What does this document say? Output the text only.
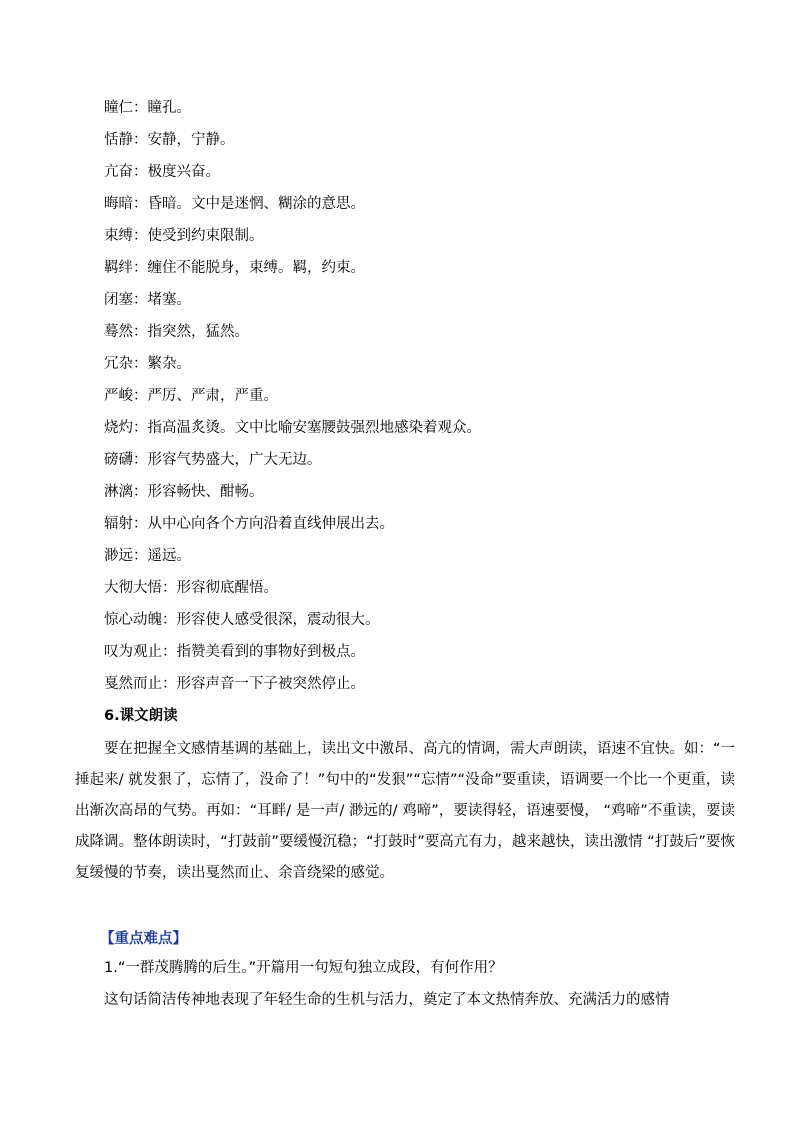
瞳仁：瞳孔。
恬静：安静，宁静。
亢奋：极度兴奋。
晦暗：昏暗。文中是迷惘、糊涂的意思。
束缚：使受到约束限制。
羁绊：缠住不能脱身，束缚。羁，约束。
闭塞：堵塞。
蓦然：指突然，猛然。
冗杂：繁杂。
严峻：严厉、严肃，严重。
烧灼：指高温炙烫。文中比喻安塞腰鼓强烈地感染着观众。
磅礴：形容气势盛大，广大无边。
淋漓：形容畅快、酣畅。
辐射：从中心向各个方向沿着直线伸展出去。
渺远：遥远。
大彻大悟：形容彻底醒悟。
惊心动魄：形容使人感受很深，震动很大。
叹为观止：指赞美看到的事物好到极点。
戛然而止：形容声音一下子被突然停止。
6.课文朗读

要在把握全文感情基调的基础上，读出文中激昂、高亢的情调，需大声朗读，语速不宜快。如：“一捶起来/ 就发狠了，忘情了，没命了！”句中的“发狠”“忘情”“没命”要重读，语调要一个比一个更重，读出渐次高昂的气势。再如：“耳畔/ 是一声/ 渺远的/ 鸡啼”，要读得轻，语速要慢， “鸡啼”不重读，要读成降调。整体朗读时，“打鼓前”要缓慢沉稳；“打鼓时”要高亢有力，越来越快，读出激情 “打鼓后”要恢复缓慢的节奏，读出戛然而止、余音绕梁的感觉。

【重点难点】
1.“一群茂腾腾的后生。”开篇用一句短句独立成段，有何作用？

这句话简洁传神地表现了年轻生命的生机与活力，奠定了本文热情奔放、充满活力的感情
